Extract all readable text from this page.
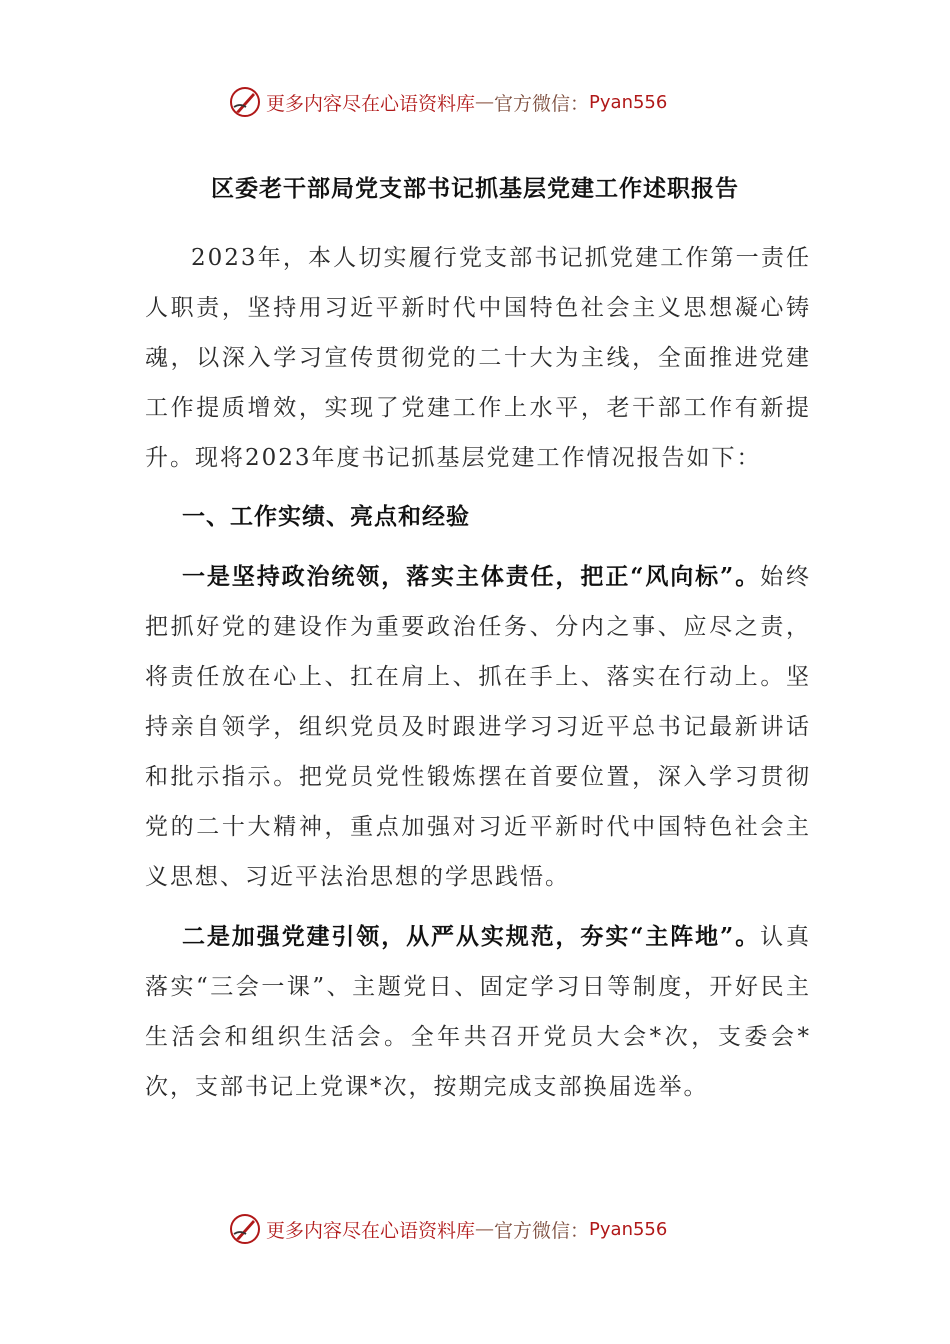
更多内容尽在心语资料库 — 官方微信： Pyan556
区委老干部局党支部书记抓基层党建工作述职报告

2023年，本人切实履行党支部书记抓党建工作第一责任人职责，坚持用习近平新时代中国特色社会主义思想凝心铸魂，以深入学习宣传贯彻党的二十大为主线，全面推进党建工作提质增效，实现了党建工作上水平，老干部工作有新提升。现将2023年度书记抓基层党建工作情况报告如下：

一、工作实绩、亮点和经验

一是坚持政治统领，落实主体责任，把正“风向标”。始终把抓好党的建设作为重要政治任务、分内之事、应尽之责，将责任放在心上、扛在肩上、抓在手上、落实在行动上。坚持亲自领学，组织党员及时跟进学习习近平总书记最新讲话和批示指示。把党员党性锻炼摆在首要位置，深入学习贯彻党的二十大精神，重点加强对习近平新时代中国特色社会主义思想、习近平法治思想的学思践悟。

二是加强党建引领，从严从实规范，夯实“主阵地”。认真落实“三会一课”、主题党日、固定学习日等制度，开好民主生活会和组织生活会。全年共召开党员大会*次，支委会*次，支部书记上党课*次，按期完成支部换届选举。

更多内容尽在心语资料库 — 官方微信： Pyan556
